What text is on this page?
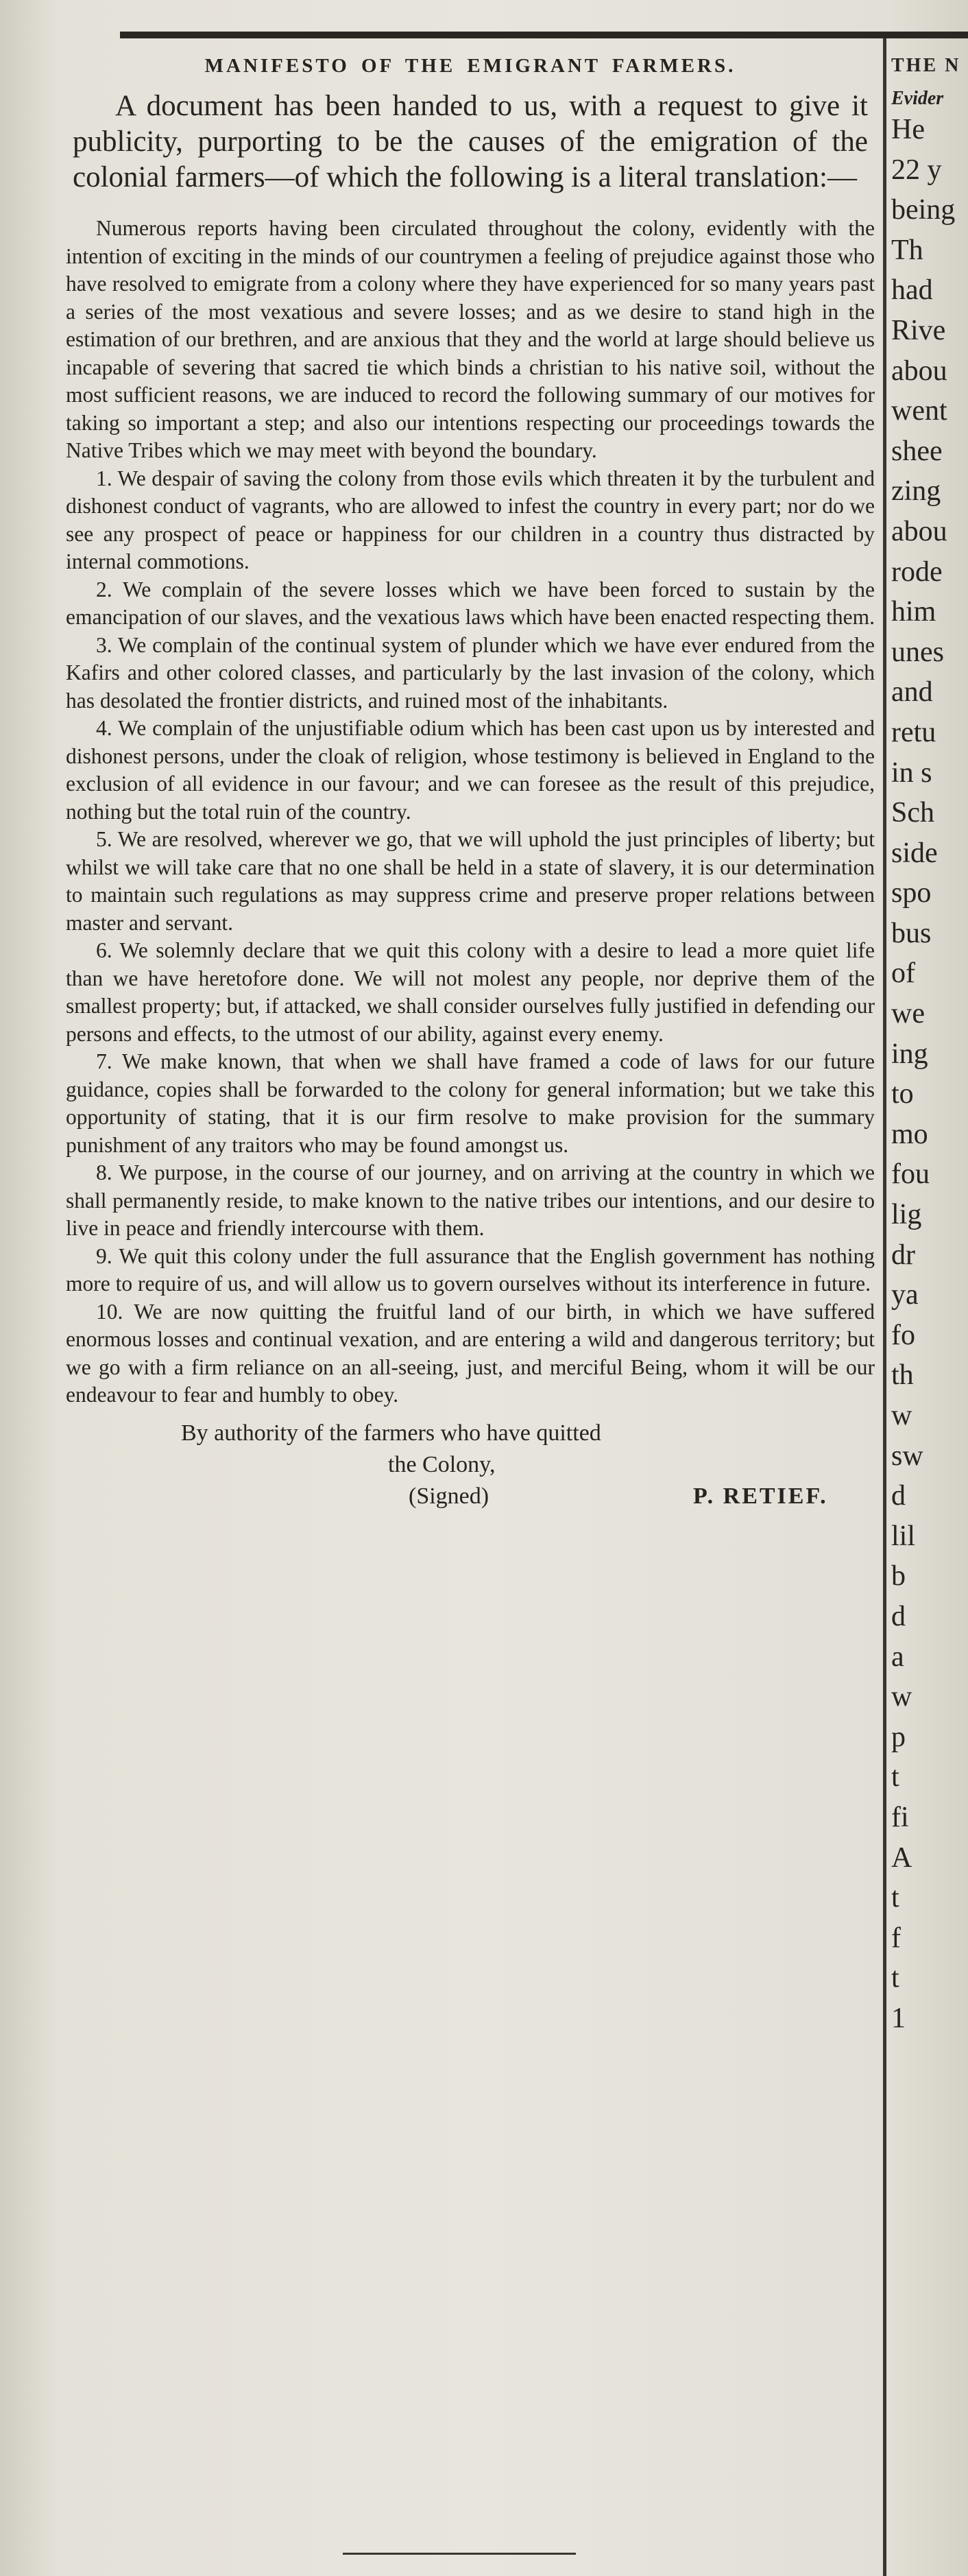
MANIFESTO OF THE EMIGRANT FARMERS.

A document has been handed to us, with a request to give it publicity, purporting to be the causes of the emigration of the colonial farmers—of which the following is a literal translation:—

Numerous reports having been circulated throughout the colony, evidently with the intention of exciting in the minds of our countrymen a feeling of prejudice against those who have resolved to emigrate from a colony where they have experienced for so many years past a series of the most vexatious and severe losses; and as we desire to stand high in the estimation of our brethren, and are anxious that they and the world at large should believe us incapable of severing that sacred tie which binds a christian to his native soil, without the most sufficient reasons, we are induced to record the following summary of our motives for taking so important a step; and also our intentions respecting our proceedings towards the Native Tribes which we may meet with beyond the boundary.

1. We despair of saving the colony from those evils which threaten it by the turbulent and dishonest conduct of vagrants, who are allowed to infest the country in every part; nor do we see any prospect of peace or happiness for our children in a country thus distracted by internal commotions.

2. We complain of the severe losses which we have been forced to sustain by the emancipation of our slaves, and the vexatious laws which have been enacted respecting them.

3. We complain of the continual system of plunder which we have ever endured from the Kafirs and other colored classes, and particularly by the last invasion of the colony, which has desolated the frontier districts, and ruined most of the inhabitants.

4. We complain of the unjustifiable odium which has been cast upon us by interested and dishonest persons, under the cloak of religion, whose testimony is believed in England to the exclusion of all evidence in our favour; and we can foresee as the result of this prejudice, nothing but the total ruin of the country.

5. We are resolved, wherever we go, that we will uphold the just principles of liberty; but whilst we will take care that no one shall be held in a state of slavery, it is our determination to maintain such regulations as may suppress crime and preserve proper relations between master and servant.

6. We solemnly declare that we quit this colony with a desire to lead a more quiet life than we have heretofore done. We will not molest any people, nor deprive them of the smallest property; but, if attacked, we shall consider ourselves fully justified in defending our persons and effects, to the utmost of our ability, against every enemy.

7. We make known, that when we shall have framed a code of laws for our future guidance, copies shall be forwarded to the colony for general information; but we take this opportunity of stating, that it is our firm resolve to make provision for the summary punishment of any traitors who may be found amongst us.

8. We purpose, in the course of our journey, and on arriving at the country in which we shall permanently reside, to make known to the native tribes our intentions, and our desire to live in peace and friendly intercourse with them.

9. We quit this colony under the full assurance that the English government has nothing more to require of us, and will allow us to govern ourselves without its interference in future.

10. We are now quitting the fruitful land of our birth, in which we have suffered enormous losses and continual vexation, and are entering a wild and dangerous territory; but we go with a firm reliance on an all-seeing, just, and merciful Being, whom it will be our endeavour to fear and humbly to obey.

By authority of the farmers who have quitted
the Colony,
(Signed)	P. RETIEF.
THE N
Evider
He
22 y
being
Th
had
Rive
abou
went
shee
zing
abou
rode
him
unes
and
retu
in s
Sch
side
spo
bus
of
we
ing
to
mo
fou
lig
dr
ya
fo
th
w
sw
d
lil
b
d
a
w
p
t
fi
A
t
f
t
1
